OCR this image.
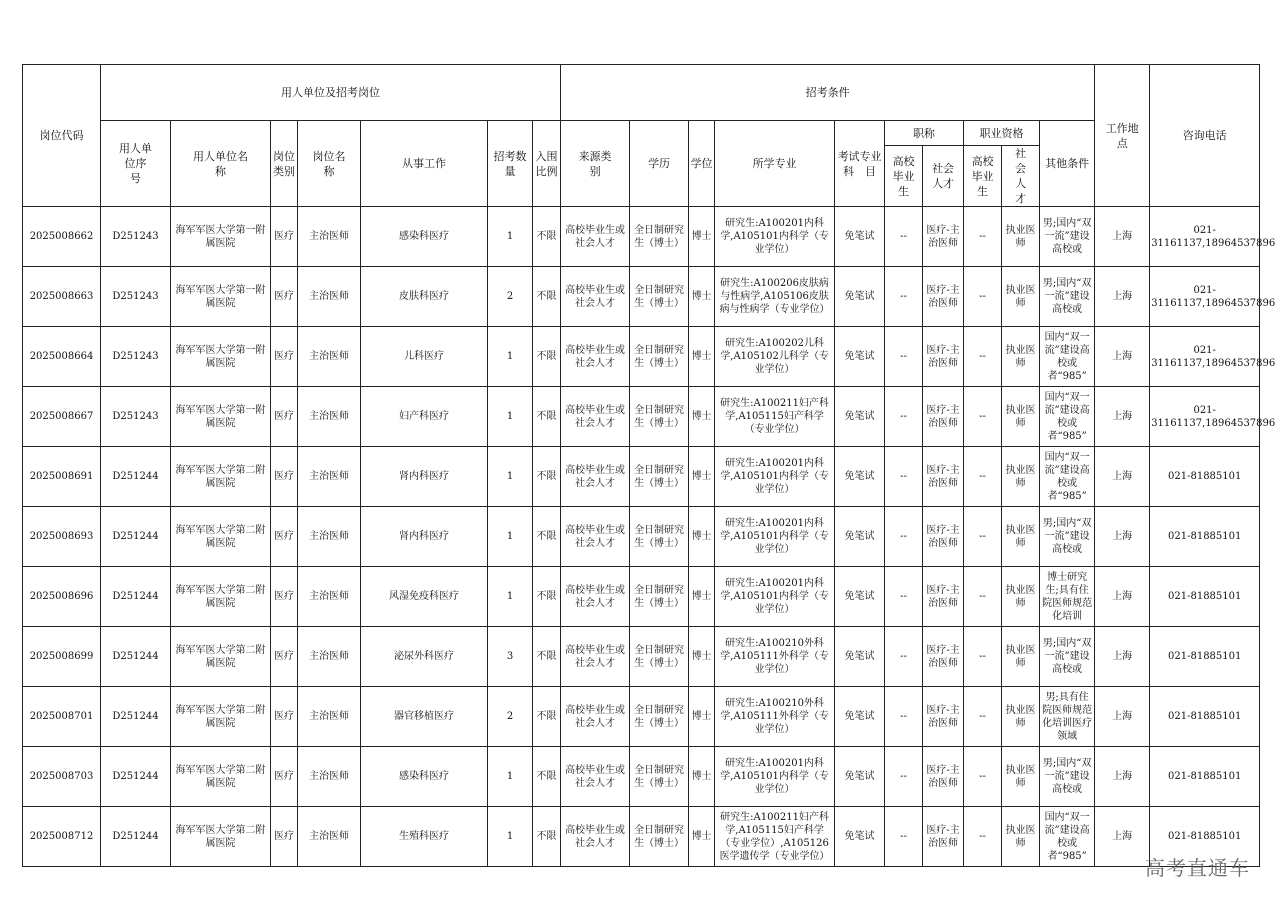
岗位代码	用人单位及招考岗位							招考条件										工作地点	咨询电话
	用人单位序　号	用人单位名　称	岗位类别	岗位名称	从事工作	招考数量	入围比例	来源类别	学历	学位	所学专业	考试专业科　目	职称		职业资格		其他条件		
													高校毕业生	社会人才	高校毕业生	社会人才			
2025008662	D251243	海军军医大学第一附属医院	医疗	主治医师	感染科医疗	1	不限	高校毕业生或社会人才	全日制研究生（博士）	博士	研究生:A100201内科学,A105101内科学（专业学位）	免笔试	--	医疗-主治医师	--	执业医师	男;国内“双一流”建设高校或	上海	021-31161137,18964537896
2025008663	D251243	海军军医大学第一附属医院	医疗	主治医师	皮肤科医疗	2	不限	高校毕业生或社会人才	全日制研究生（博士）	博士	研究生:A100206皮肤病与性病学,A105106皮肤病与性病学（专业学位）	免笔试	--	医疗-主治医师	--	执业医师	男;国内“双一流”建设高校或	上海	021-31161137,18964537896
2025008664	D251243	海军军医大学第一附属医院	医疗	主治医师	儿科医疗	1	不限	高校毕业生或社会人才	全日制研究生（博士）	博士	研究生:A100202儿科学,A105102儿科学（专业学位）	免笔试	--	医疗-主治医师	--	执业医师	国内“双一流”建设高校或者“985”	上海	021-31161137,18964537896
2025008667	D251243	海军军医大学第一附属医院	医疗	主治医师	妇产科医疗	1	不限	高校毕业生或社会人才	全日制研究生（博士）	博士	研究生:A100211妇产科学,A105115妇产科学（专业学位）	免笔试	--	医疗-主治医师	--	执业医师	国内“双一流”建设高校或者“985”	上海	021-31161137,18964537896
2025008691	D251244	海军军医大学第二附属医院	医疗	主治医师	肾内科医疗	1	不限	高校毕业生或社会人才	全日制研究生（博士）	博士	研究生:A100201内科学,A105101内科学（专业学位）	免笔试	--	医疗-主治医师	--	执业医师	国内“双一流”建设高校或者“985”	上海	021-81885101
2025008693	D251244	海军军医大学第二附属医院	医疗	主治医师	肾内科医疗	1	不限	高校毕业生或社会人才	全日制研究生（博士）	博士	研究生:A100201内科学,A105101内科学（专业学位）	免笔试	--	医疗-主治医师	--	执业医师	男;国内“双一流”建设高校或	上海	021-81885101
2025008696	D251244	海军军医大学第二附属医院	医疗	主治医师	风湿免疫科医疗	1	不限	高校毕业生或社会人才	全日制研究生（博士）	博士	研究生:A100201内科学,A105101内科学（专业学位）	免笔试	--	医疗-主治医师	--	执业医师	博士研究生;具有住院医师规范化培训	上海	021-81885101
2025008699	D251244	海军军医大学第二附属医院	医疗	主治医师	泌尿外科医疗	3	不限	高校毕业生或社会人才	全日制研究生（博士）	博士	研究生:A100210外科学,A105111外科学（专业学位）	免笔试	--	医疗-主治医师	--	执业医师	男;国内“双一流”建设高校或	上海	021-81885101
2025008701	D251244	海军军医大学第二附属医院	医疗	主治医师	器官移植医疗	2	不限	高校毕业生或社会人才	全日制研究生（博士）	博士	研究生:A100210外科学,A105111外科学（专业学位）	免笔试	--	医疗-主治医师	--	执业医师	男;具有住院医师规范化培训医疗领域	上海	021-81885101
2025008703	D251244	海军军医大学第二附属医院	医疗	主治医师	感染科医疗	1	不限	高校毕业生或社会人才	全日制研究生（博士）	博士	研究生:A100201内科学,A105101内科学（专业学位）	免笔试	--	医疗-主治医师	--	执业医师	男;国内“双一流”建设高校或	上海	021-81885101
2025008712	D251244	海军军医大学第二附属医院	医疗	主治医师	生殖科医疗	1	不限	高校毕业生或社会人才	全日制研究生（博士）	博士	研究生:A100211妇产科学,A105115妇产科学（专业学位）,A105126医学遗传学（专业学位）	免笔试	--	医疗-主治医师	--	执业医师	国内“双一流”建设高校或者“985”	上海	021-81885101
高考直通车
